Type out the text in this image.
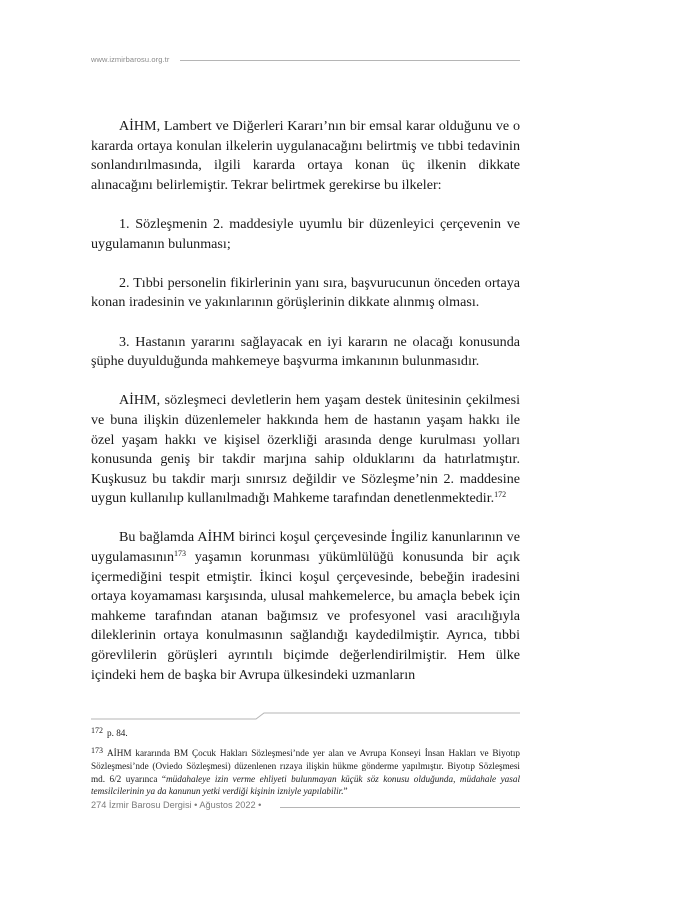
www.izmirbarosu.org.tr

AİHM, Lambert ve Diğerleri Kararı’nın bir emsal karar olduğunu ve o kararda ortaya konulan ilkelerin uygulanacağını belirtmiş ve tıbbi tedavinin sonlandırılmasında, ilgili kararda ortaya konan üç ilkenin dikkate alınacağını belirlemiştir. Tekrar belirtmek gerekirse bu ilkeler:

1. Sözleşmenin 2. maddesiyle uyumlu bir düzenleyici çerçevenin ve uygulamanın bulunması;

2. Tıbbi personelin fikirlerinin yanı sıra, başvurucunun önceden ortaya konan iradesinin ve yakınlarının görüşlerinin dikkate alınmış olması.

3. Hastanın yararını sağlayacak en iyi kararın ne olacağı konusunda şüphe duyulduğunda mahkemeye başvurma imkanının bulunmasıdır.

AİHM, sözleşmeci devletlerin hem yaşam destek ünitesinin çekilmesi ve buna ilişkin düzenlemeler hakkında hem de hastanın yaşam hakkı ile özel yaşam hakkı ve kişisel özerkliği arasında denge kurulması yolları konusunda geniş bir takdir marjına sahip olduklarını da hatırlatmıştır. Kuşkusuz bu takdir marjı sınırsız değildir ve Sözleşme’nin 2. maddesine uygun kullanılıp kullanılmadığı Mahkeme tarafından denetlenmektedir.$^{172}$

Bu bağlamda AİHM birinci koşul çerçevesinde İngiliz kanunlarının ve uygulamasının$^{173}$ yaşamın korunması yükümlülüğü konusunda bir açık içermediğini tespit etmiştir. İkinci koşul çerçevesinde, bebeğin iradesini ortaya koyamaması karşısında, ulusal mahkemelerce, bu amaçla bebek için mahkeme tarafından atanan bağımsız ve profesyonel vasi aracılığıyla dileklerinin ortaya konulmasının sağlandığı kaydedilmiştir. Ayrıca, tıbbi görevlilerin görüşleri ayrıntılı biçimde değerlendirilmiştir. Hem ülke içindeki hem de başka bir Avrupa ülkesindeki uzmanların

172 p. 84.
173 AİHM kararında BM Çocuk Hakları Sözleşmesi’nde yer alan ve Avrupa Konseyi İnsan Hakları ve Biyotıp Sözleşmesi’nde (Oviedo Sözleşmesi) düzenlenen rızaya ilişkin hükme gönderme yapılmıştır. Biyotıp Sözleşmesi md. 6/2 uyarınca “müdahaleye izin verme ehliyeti bulunmayan küçük söz konusu olduğunda, müdahale yasal temsilcilerinin ya da kanunun yetki verdiği kişinin izniyle yapılabilir.”
274 İzmir Barosu Dergisi • Ağustos 2022 •
